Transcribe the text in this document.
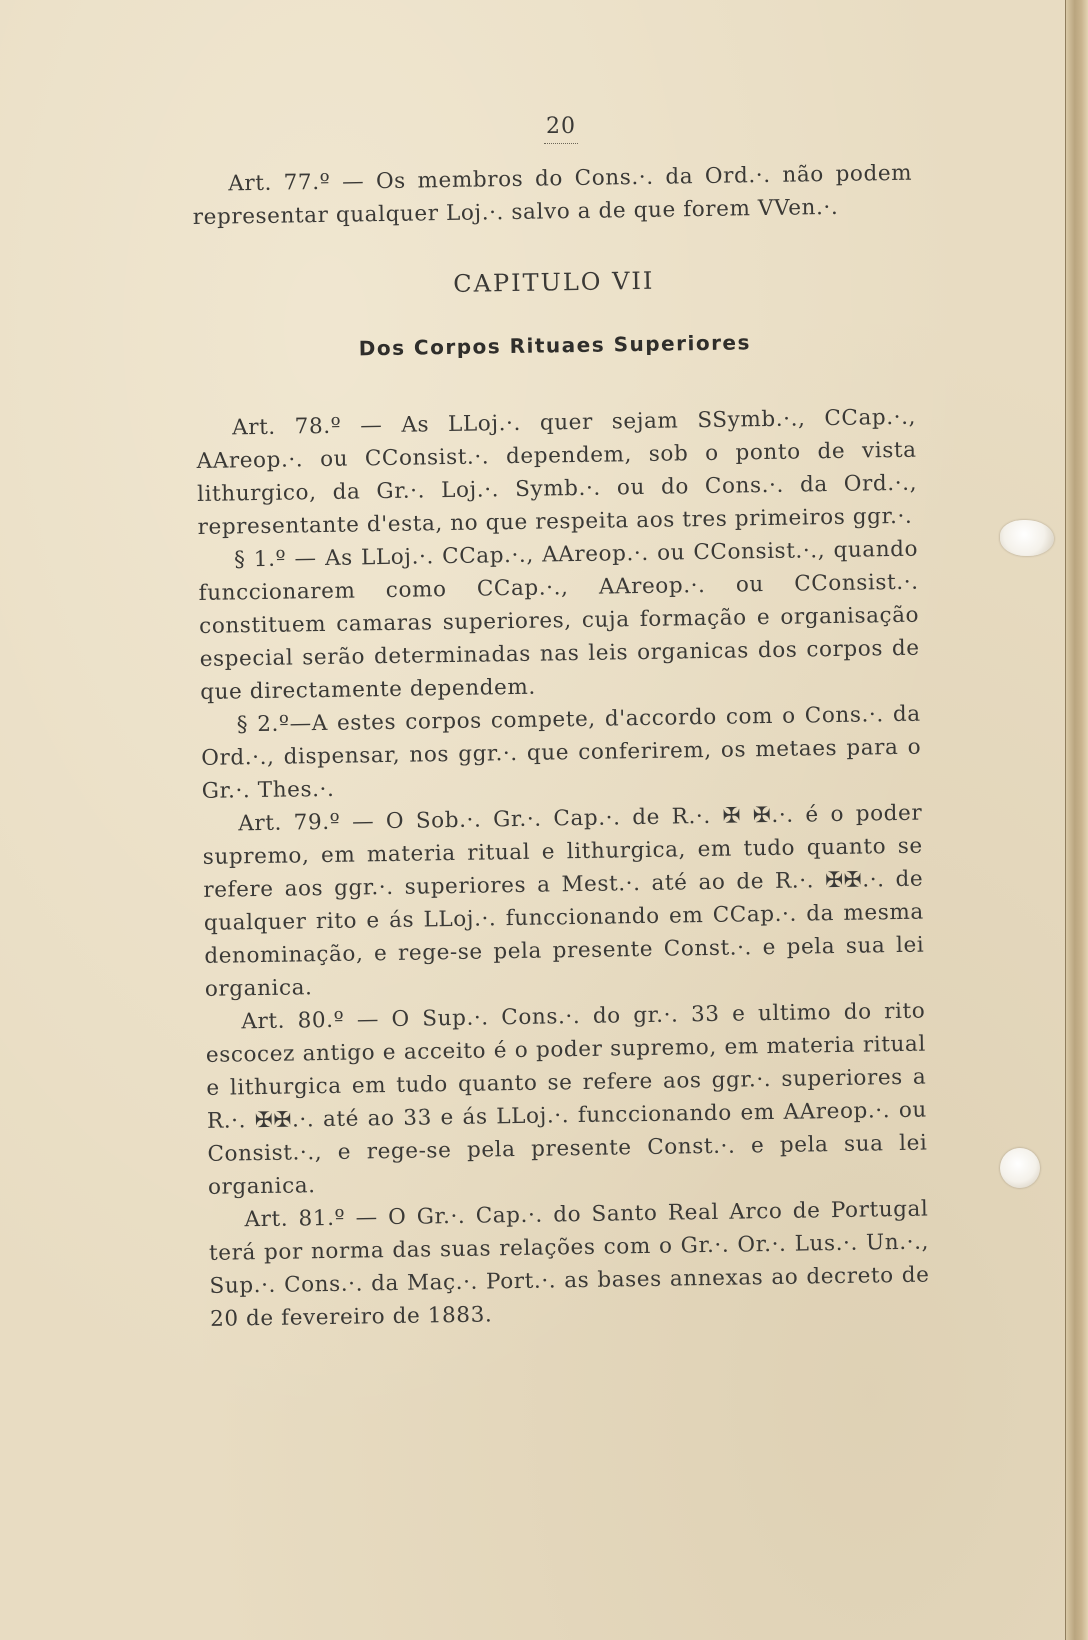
20

Art. 77.º — Os membros do Cons.·. da Ord.·. não podem representar qualquer Loj.·. salvo a de que forem VVen.·.

CAPITULO VII
Dos Corpos Rituaes Superiores

Art. 78.º — As LLoj.·. quer sejam SSymb.·., CCap.·., AAreop.·. ou CConsist.·. dependem, sob o ponto de vista lithurgico, da Gr.·. Loj.·. Symb.·. ou do Cons.·. da Ord.·., representante d'esta, no que respeita aos tres primeiros ggr.·.

§ 1.º — As LLoj.·. CCap.·., AAreop.·. ou CConsist.·., quando funccionarem como CCap.·., AAreop.·. ou CConsist.·. constituem camaras superiores, cuja formação e organisação especial serão determinadas nas leis organicas dos corpos de que directamente dependem.

§ 2.º—A estes corpos compete, d'accordo com o Cons.·. da Ord.·., dispensar, nos ggr.·. que conferirem, os metaes para o Gr.·. Thes.·.

Art. 79.º — O Sob.·. Gr.·. Cap.·. de R.·. ✠ ✠.·. é o poder supremo, em materia ritual e lithurgica, em tudo quanto se refere aos ggr.·. superiores a Mest.·. até ao de R.·. ✠✠.·. de qualquer rito e ás LLoj.·. funccionando em CCap.·. da mesma denominação, e rege-se pela presente Const.·. e pela sua lei organica.

Art. 80.º — O Sup.·. Cons.·. do gr.·. 33 e ultimo do rito escocez antigo e acceito é o poder supremo, em materia ritual e lithurgica em tudo quanto se refere aos ggr.·. superiores a R.·. ✠✠.·. até ao 33 e ás LLoj.·. funccionando em AAreop.·. ou Consist.·., e rege-se pela presente Const.·. e pela sua lei organica.

Art. 81.º — O Gr.·. Cap.·. do Santo Real Arco de Portugal terá por norma das suas relações com o Gr.·. Or.·. Lus.·. Un.·., Sup.·. Cons.·. da Maç.·. Port.·. as bases annexas ao decreto de 20 de fevereiro de 1883.
